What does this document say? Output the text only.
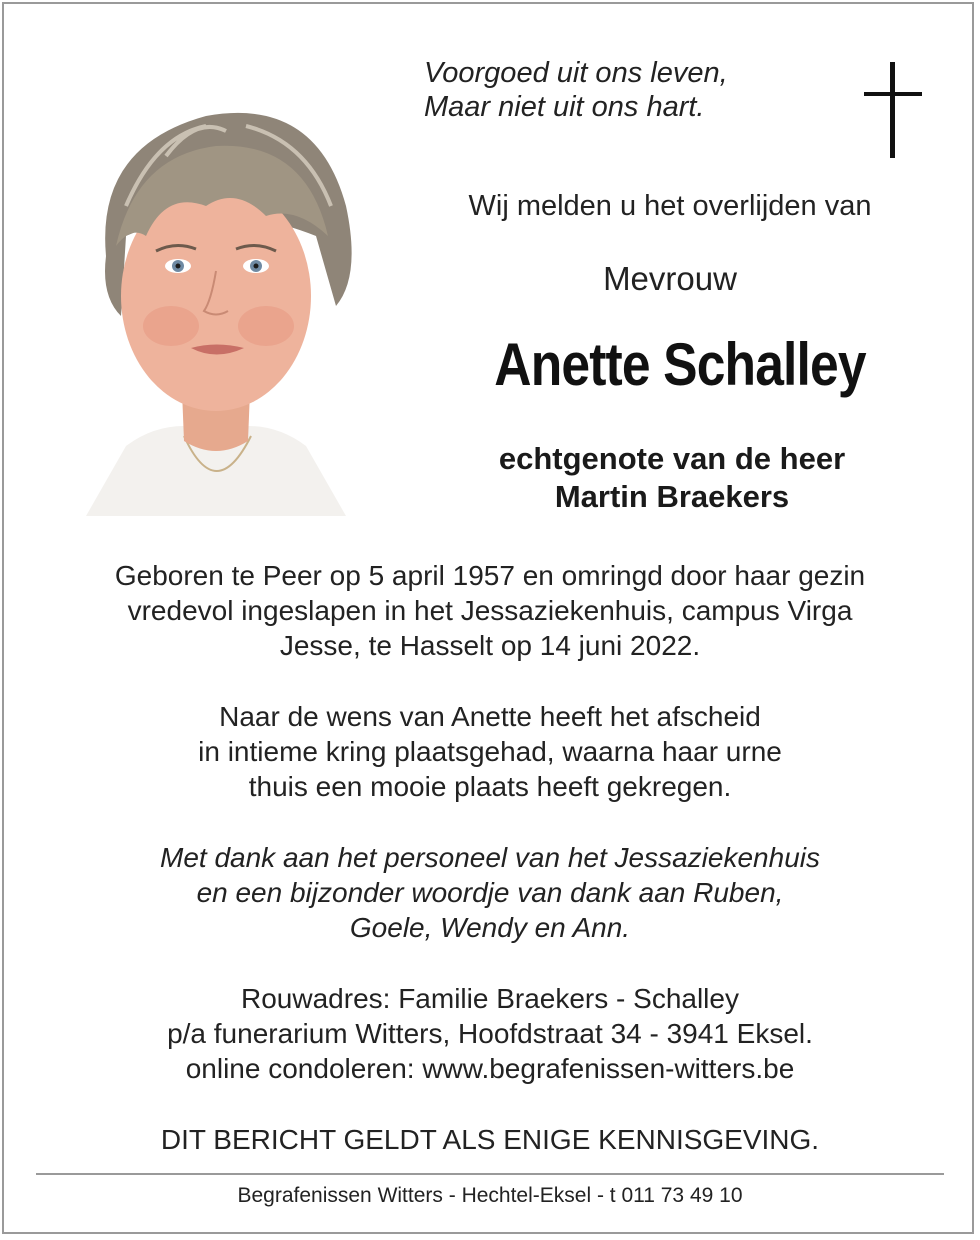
Voorgoed uit ons leven,
Maar niet uit ons hart.
Wij melden u het overlijden van
Mevrouw
Anette Schalley
echtgenote van de heer
Martin Braekers
Geboren te Peer op 5 april 1957 en omringd door haar gezin
vredevol ingeslapen in het Jessaziekenhuis, campus Virga
Jesse, te Hasselt op 14 juni 2022.
Naar de wens van Anette heeft het afscheid
in intieme kring plaatsgehad, waarna haar urne
thuis een mooie plaats heeft gekregen.
Met dank aan het personeel van het Jessaziekenhuis
en een bijzonder woordje van dank aan Ruben,
Goele, Wendy en Ann.
Rouwadres: Familie Braekers - Schalley
p/a funerarium Witters, Hoofdstraat 34 - 3941 Eksel.
online condoleren: www.begrafenissen-witters.be
DIT BERICHT GELDT ALS ENIGE KENNISGEVING.
Begrafenissen Witters - Hechtel-Eksel - t 011 73 49 10
